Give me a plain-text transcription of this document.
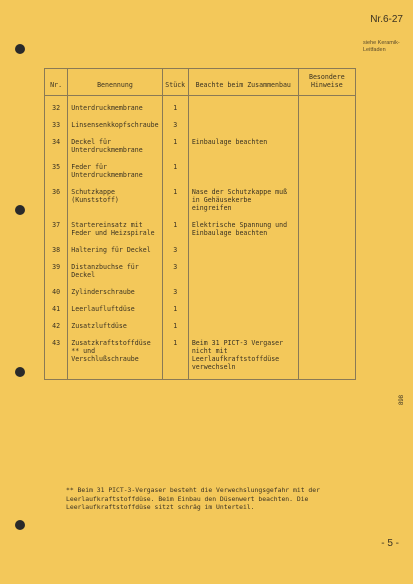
Nr.6-27
siehe Keramik-Leitfaden
Nr.	Benennung	Stück	Beachte beim Zusammenbau	Besondere
Hinweise

32	Unterdruckmembrane	1		
33	Linsensenkkopfschraube	3		
34	Deckel für Unterdruckmembrane	1	Einbaulage beachten	
35	Feder für Unterdruckmembrane	1		
36	Schutzkappe (Kunststoff)	1	Nase der Schutzkappe muß in Gehäusekerbe eingreifen	
37	Startereinsatz mit Feder und Heizspirale	1	Elektrische Spannung und Einbaulage beachten	
38	Haltering für Deckel	3		
39	Distanzbuchse für Deckel	3		
40	Zylinderschraube	3		
41	Leerlaufluftdüse	1		
42	Zusatzluftdüse	1		
43	Zusatzkraftstoffdüse ** und Verschlußschraube	1	Beim 31 PICT-3 Vergaser nicht mit Leerlaufkraftstoffdüse verwechseln	
** Beim 31 PICT-3-Vergaser besteht die Verwechslungsgefahr mit der Leerlaufkraftstoffdüse. Beim Einbau den Düsenwert beachten. Die Leerlaufkraftstoffdüse sitzt schräg im Unterteil.
898
- 5 -
